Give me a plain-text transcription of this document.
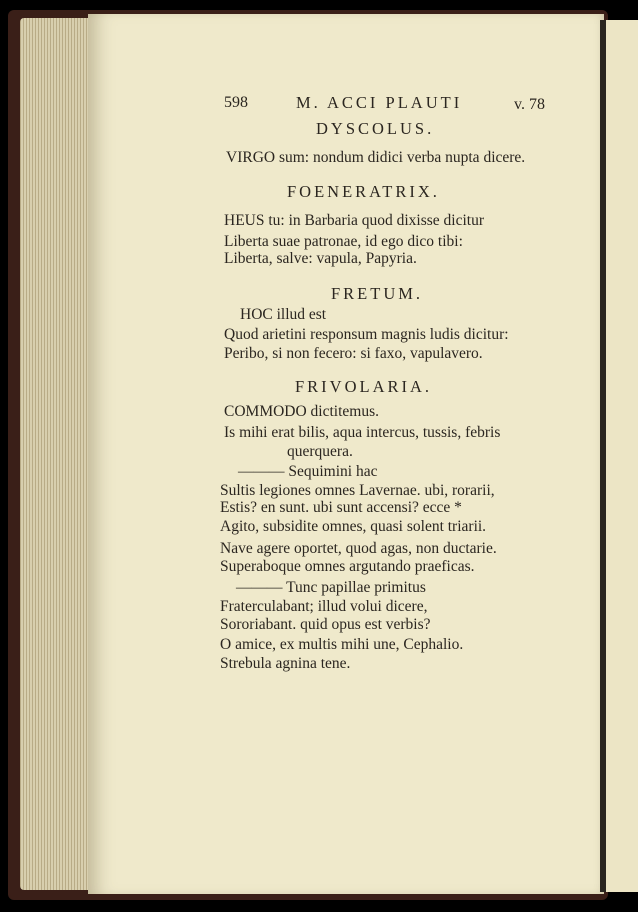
598	M. ACCI PLAUTI	v. 78
DYSCOLUS.
VIRGO sum: nondum didici verba nupta dicere.
FOENERATRIX.
HEUS tu: in Barbaria quod dixisse dicitur
Liberta suae patronae, id ego dico tibi:
Liberta, salve: vapula, Papyria.
FRETUM.
HOC illud est
Quod arietini responsum magnis ludis dicitur:
Peribo, si non fecero: si faxo, vapulavero.
FRIVOLARIA.
COMMODO dictitemus.
Is mihi erat bilis, aqua intercus, tussis, febris
querquera.
——— Sequimini hac
Sultis legiones omnes Lavernae. ubi, rorarii,
Estis? en sunt. ubi sunt accensi? ecce *
Agito, subsidite omnes, quasi solent triarii.
Nave agere oportet, quod agas, non ductarie.
Superaboque omnes argutando praeficas.
——— Tunc papillae primitus
Fraterculabant; illud volui dicere,
Sororiabant. quid opus est verbis?
O amice, ex multis mihi une, Cephalio.
Strebula agnina tene.
